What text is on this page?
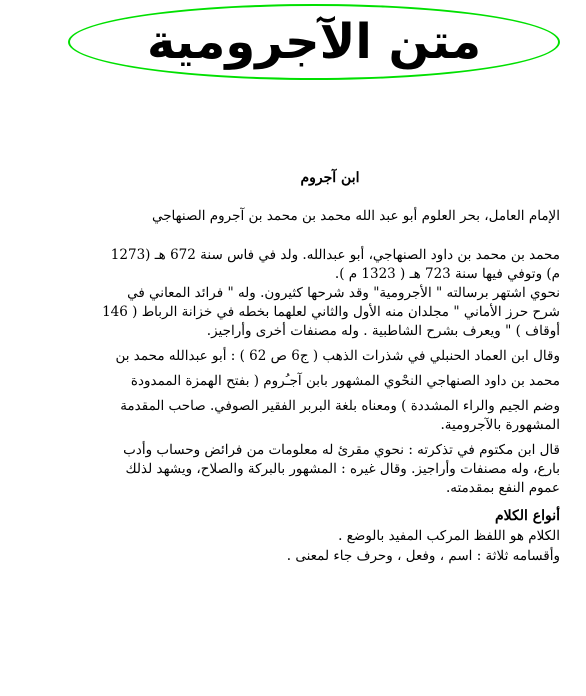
متن الآجرومية
ابن آجروم
الإمام العامل، بحر العلوم أبو عبد الله محمد بن محمد بن آجروم الصنهاجي

محمد بن محمد بن داود الصنهاجي، أبو عبدالله. ولد في فاس سنة 672 هـ (1273 م) وتوفي فيها سنة 723 هـ ( 1323 م ).

نحوي اشتهر برسالته " الأجرومية" وقد شرحها كثيرون. وله " فرائد المعاني في شرح حرز الأماني " مجلدان منه الأول والثاني لعلهما بخطه في خزانة الرباط ( 146 أوقاف ) " ويعرف بشرح الشاطبية . وله مصنفات أخرى وأراجيز.

وقال ابن العماد الحنبلي في شذرات الذهب ( ج6 ص 62 ) : أبو عبدالله محمد بن

محمد بن داود الصنهاجي النحْوي المشهور بابن آجـُروم ( بفتح الهمزة الممدودة

وضم الجيم والراء المشددة ) ومعناه بلغة البربر الفقير الصوفي. صاحب المقدمة المشهورة بالآجرومية.

قال ابن مكتوم في تذكرته : نحوي مقرئ له معلومات من فرائض وحساب وأدب بارع، وله مصنفات وأراجيز. وقال غيره : المشهور بالبركة والصلاح، ويشهد لذلك عموم النفع بمقدمته.

أنواع الكلام
الكلام هو اللفظ المركب المفيد بالوضع .
وأقسامه ثلاثة : اسم ، وفعل ، وحرف جاء لمعنى .
